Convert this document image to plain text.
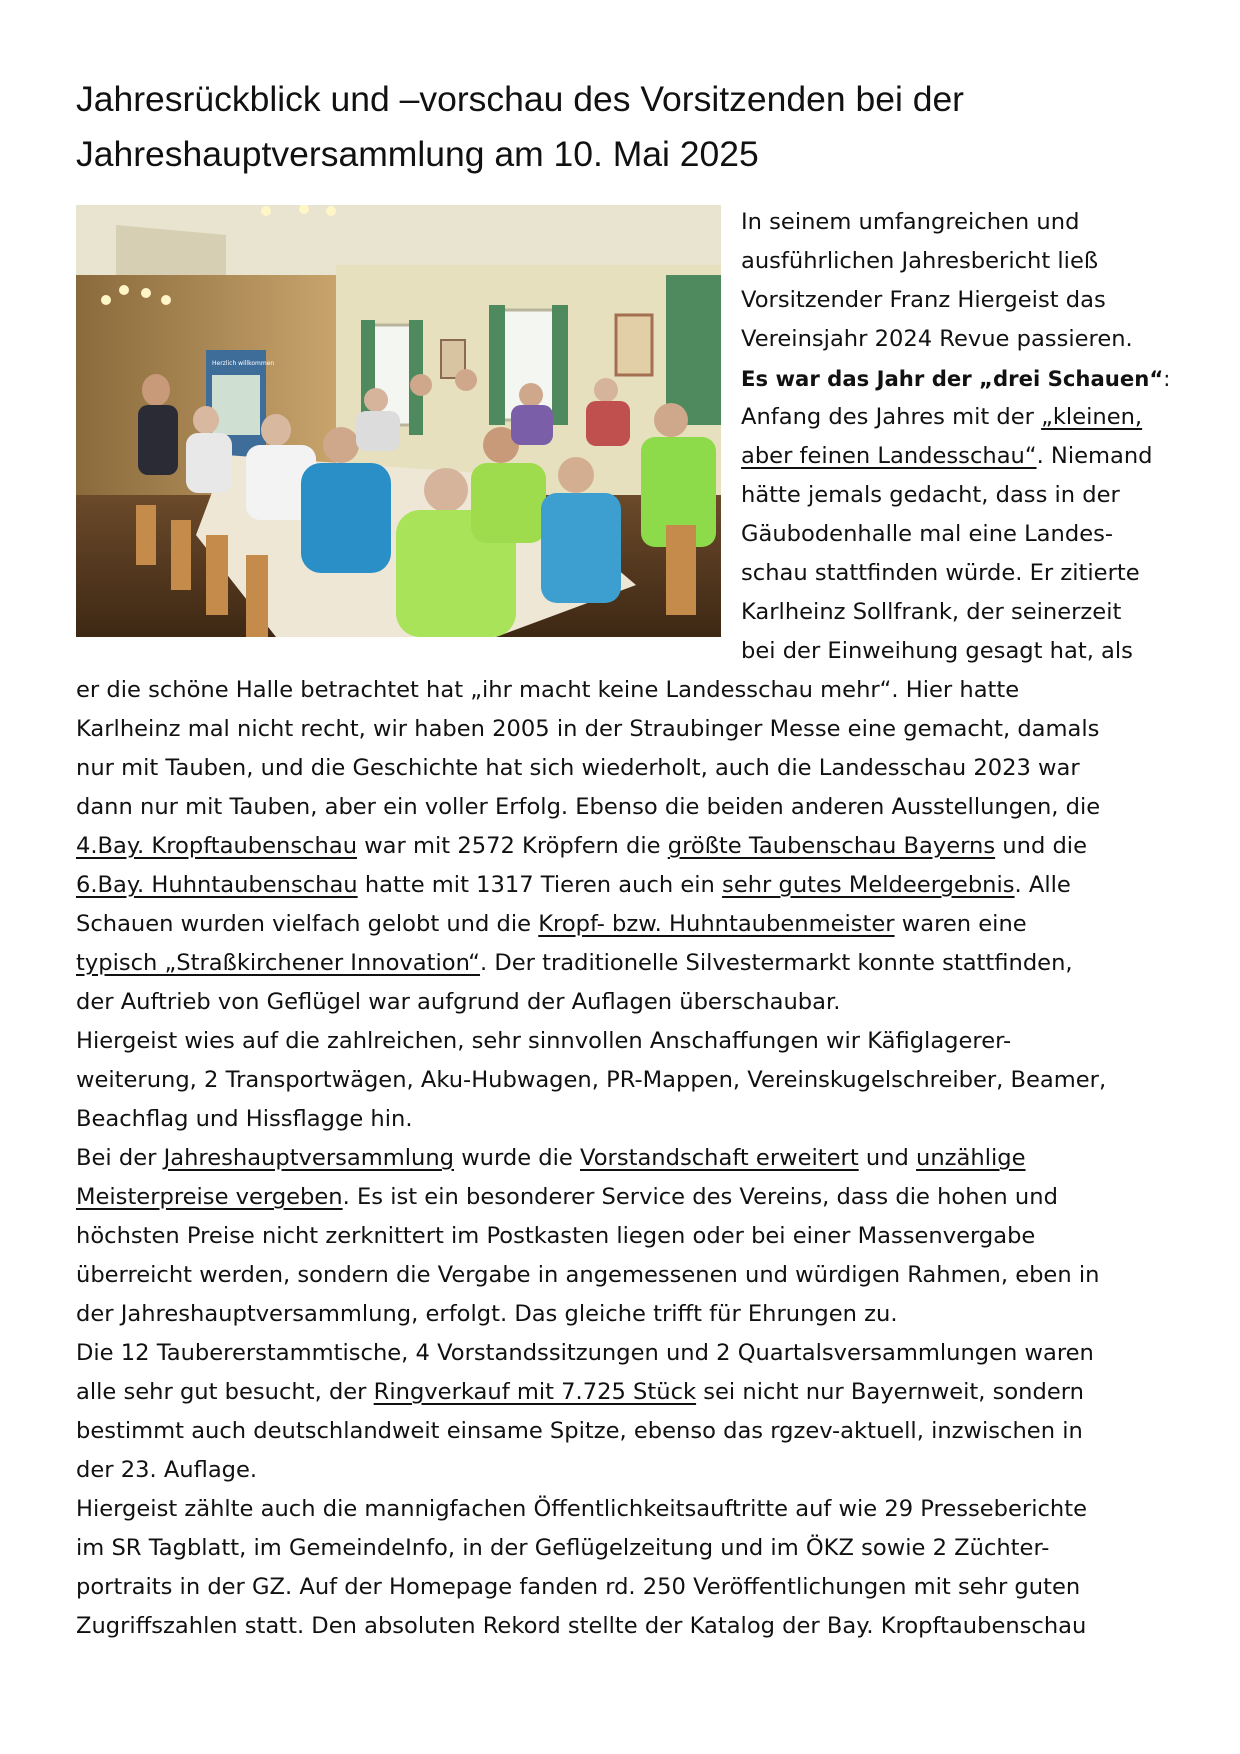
Jahresrückblick und –vorschau des Vorsitzenden bei der
Jahreshauptversammlung am 10. Mai 2025
Herzlich willkommen
In seinem umfangreichen und
ausführlichen Jahresbericht ließ
Vorsitzender Franz Hiergeist das
Vereinsjahr 2024 Revue passieren.
Es war das Jahr der „drei Schauen“:
Anfang des Jahres mit der „kleinen,
aber feinen Landesschau“. Niemand
hätte jemals gedacht, dass in der
Gäubodenhalle mal eine Landes-
schau stattfinden würde. Er zitierte
Karlheinz Sollfrank, der seinerzeit
bei der Einweihung gesagt hat, als
er die schöne Halle betrachtet hat „ihr macht keine Landesschau mehr“. Hier hatte
Karlheinz mal nicht recht, wir haben 2005 in der Straubinger Messe eine gemacht, damals
nur mit Tauben, und die Geschichte hat sich wiederholt, auch die Landesschau 2023 war
dann nur mit Tauben, aber ein voller Erfolg. Ebenso die beiden anderen Ausstellungen, die
4.Bay. Kropftaubenschau war mit 2572 Kröpfern die größte Taubenschau Bayerns und die
6.Bay. Huhntaubenschau hatte mit 1317 Tieren auch ein sehr gutes Meldeergebnis. Alle
Schauen wurden vielfach gelobt und die Kropf- bzw. Huhntaubenmeister waren eine
typisch „Straßkirchener Innovation“. Der traditionelle Silvestermarkt konnte stattfinden,
der Auftrieb von Geflügel war aufgrund der Auflagen überschaubar.
Hiergeist wies auf die zahlreichen, sehr sinnvollen Anschaffungen wir Käfiglagerer-
weiterung, 2 Transportwägen, Aku-Hubwagen, PR-Mappen, Vereinskugelschreiber, Beamer,
Beachflag und Hissflagge hin.
Bei der Jahreshauptversammlung wurde die Vorstandschaft erweitert und unzählige
Meisterpreise vergeben. Es ist ein besonderer Service des Vereins, dass die hohen und
höchsten Preise nicht zerknittert im Postkasten liegen oder bei einer Massenvergabe
überreicht werden, sondern die Vergabe in angemessenen und würdigen Rahmen, eben in
der Jahreshauptversammlung, erfolgt. Das gleiche trifft für Ehrungen zu.
Die 12 Taubererstammtische, 4 Vorstandssitzungen und 2 Quartalsversammlungen waren
alle sehr gut besucht, der Ringverkauf mit 7.725 Stück sei nicht nur Bayernweit, sondern
bestimmt auch deutschlandweit einsame Spitze, ebenso das rgzev-aktuell, inzwischen in
der 23. Auflage.
Hiergeist zählte auch die mannigfachen Öffentlichkeitsauftritte auf wie 29 Presseberichte
im SR Tagblatt, im GemeindeInfo, in der Geflügelzeitung und im ÖKZ sowie 2 Züchter-
portraits in der GZ. Auf der Homepage fanden rd. 250 Veröffentlichungen mit sehr guten
Zugriffszahlen statt. Den absoluten Rekord stellte der Katalog der Bay. Kropftaubenschau
